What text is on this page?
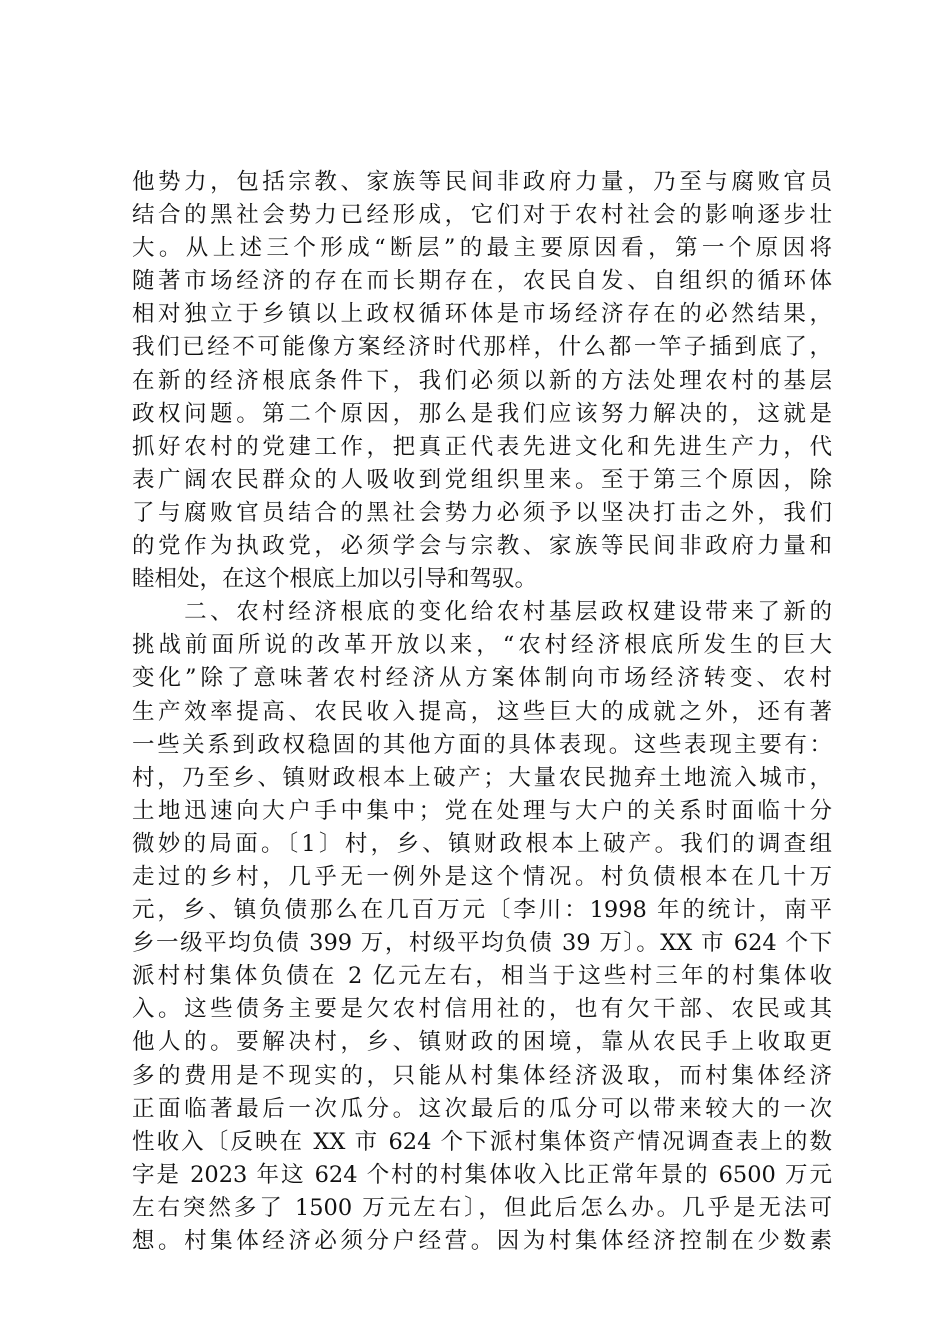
他势力，包括宗教、家族等民间非政府力量，乃至与腐败官员
结合的黑社会势力已经形成，它们对于农村社会的影响逐步壮
大。从上述三个形成“断层”的最主要原因看，第一个原因将
随著市场经济的存在而长期存在，农民自发、自组织的循环体
相对独立于乡镇以上政权循环体是市场经济存在的必然结果，
我们已经不可能像方案经济时代那样，什么都一竿子插到底了，
在新的经济根底条件下，我们必须以新的方法处理农村的基层
政权问题。第二个原因，那么是我们应该努力解决的，这就是
抓好农村的党建工作，把真正代表先进文化和先进生产力，代
表广阔农民群众的人吸收到党组织里来。至于第三个原因，除
了与腐败官员结合的黑社会势力必须予以坚决打击之外，我们
的党作为执政党，必须学会与宗教、家族等民间非政府力量和
睦相处，在这个根底上加以引导和驾驭。
　　二、农村经济根底的变化给农村基层政权建设带来了新的
挑战前面所说的改革开放以来，“农村经济根底所发生的巨大
变化”除了意味著农村经济从方案体制向市场经济转变、农村
生产效率提高、农民收入提高，这些巨大的成就之外，还有著
一些关系到政权稳固的其他方面的具体表现。这些表现主要有：
村，乃至乡、镇财政根本上破产；大量农民抛弃土地流入城市，
土地迅速向大户手中集中；党在处理与大户的关系时面临十分
微妙的局面。〔1〕村，乡、镇财政根本上破产。我们的调查组
走过的乡村，几乎无一例外是这个情况。村负债根本在几十万
元，乡、镇负债那么在几百万元〔李川：1998 年的统计，南平
乡一级平均负债 399 万，村级平均负债 39 万〕。XX 市 624 个下
派村村集体负债在 2 亿元左右，相当于这些村三年的村集体收
入。这些债务主要是欠农村信用社的，也有欠干部、农民或其
他人的。要解决村，乡、镇财政的困境，靠从农民手上收取更
多的费用是不现实的，只能从村集体经济汲取，而村集体经济
正面临著最后一次瓜分。这次最后的瓜分可以带来较大的一次
性收入〔反映在 XX 市 624 个下派村集体资产情况调查表上的数
字是 2023 年这 624 个村的村集体收入比正常年景的 6500 万元
左右突然多了 1500 万元左右〕，但此后怎么办。几乎是无法可
想。村集体经济必须分户经营。因为村集体经济控制在少数素
